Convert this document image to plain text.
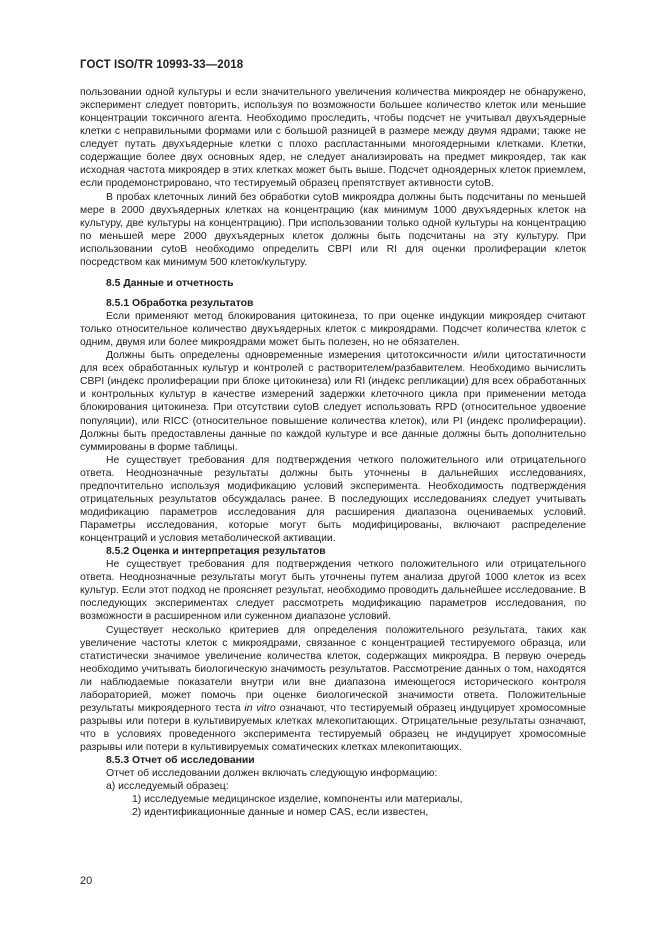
ГОСТ ISO/TR 10993-33—2018

пользовании одной культуры и если значительного увеличения количества микроядер не обнаружено, эксперимент следует повторить, используя по возможности большее количество клеток или меньшие концентрации токсичного агента. Необходимо проследить, чтобы подсчет не учитывал двухъядерные клетки с неправильными формами или с большой разницей в размере между двумя ядрами; также не следует путать двухъядерные клетки с плохо распластанными многоядерными клетками. Клетки, содержащие более двух основных ядер, не следует анализировать на предмет микроядер, так как исходная частота микроядер в этих клетках может быть выше. Подсчет одноядерных клеток приемлем, если продемонстрировано, что тестируемый образец препятствует активности cytoB.

В пробах клеточных линий без обработки cytoB микроядра должны быть подсчитаны по меньшей мере в 2000 двухъядерных клетках на концентрацию (как минимум 1000 двухъядерных клеток на культуру, две культуры на концентрацию). При использовании только одной культуры на концентрацию по меньшей мере 2000 двухъядерных клеток должны быть подсчитаны на эту культуру. При использовании cytoB необходимо определить CBPI или RI для оценки пролиферации клеток посредством как минимум 500 клеток/культуру.

8.5 Данные и отчетность

8.5.1 Обработка результатов

Если применяют метод блокирования цитокинеза, то при оценке индукции микроядер считают только относительное количество двухъядерных клеток с микроядрами. Подсчет количества клеток с одним, двумя или более микроядрами может быть полезен, но не обязателен.

Должны быть определены одновременные измерения цитотоксичности и/или цитостатичности для всех обработанных культур и контролей с растворителем/разбавителем. Необходимо вычислить CBPI (индекс пролиферации при блоке цитокинеза) или RI (индекс репликации) для всех обработанных и контрольных культур в качестве измерений задержки клеточного цикла при применении метода блокирования цитокинеза. При отсутствии cytoB следует использовать RPD (относительное удвоение популяции), или RICC (относительное повышение количества клеток), или PI (индекс пролиферации). Должны быть предоставлены данные по каждой культуре и все данные должны быть дополнительно суммированы в форме таблицы.

Не существует требования для подтверждения четкого положительного или отрицательного ответа. Неоднозначные результаты должны быть уточнены в дальнейших исследованиях, предпочтительно используя модификацию условий эксперимента. Необходимость подтверждения отрицательных результатов обсуждалась ранее. В последующих исследованиях следует учитывать модификацию параметров исследования для расширения диапазона оцениваемых условий. Параметры исследования, которые могут быть модифицированы, включают распределение концентраций и условия метаболической активации.

8.5.2 Оценка и интерпретация результатов

Не существует требования для подтверждения четкого положительного или отрицательного ответа. Неоднозначные результаты могут быть уточнены путем анализа другой 1000 клеток из всех культур. Если этот подход не проясняет результат, необходимо проводить дальнейшее исследование. В последующих экспериментах следует рассмотреть модификацию параметров исследования, по возможности в расширенном или суженном диапазоне условий.

Существует несколько критериев для определения положительного результата, таких как увеличение частоты клеток с микроядрами, связанное с концентрацией тестируемого образца, или статистически значимое увеличение количества клеток, содержащих микроядра. В первую очередь необходимо учитывать биологическую значимость результатов. Рассмотрение данных о том, находятся ли наблюдаемые показатели внутри или вне диапазона имеющегося исторического контроля лабораторией, может помочь при оценке биологической значимости ответа. Положительные результаты микроядерного теста in vitro означают, что тестируемый образец индуцирует хромосомные разрывы или потери в культивируемых клетках млекопитающих. Отрицательные результаты означают, что в условиях проведенного эксперимента тестируемый образец не индуцирует хромосомные разрывы или потери в культивируемых соматических клетках млекопитающих.

8.5.3 Отчет об исследовании

Отчет об исследовании должен включать следующую информацию:

а) исследуемый образец:

1) исследуемые медицинское изделие, компоненты или материалы,

2) идентификационные данные и номер CAS, если известен,

20
